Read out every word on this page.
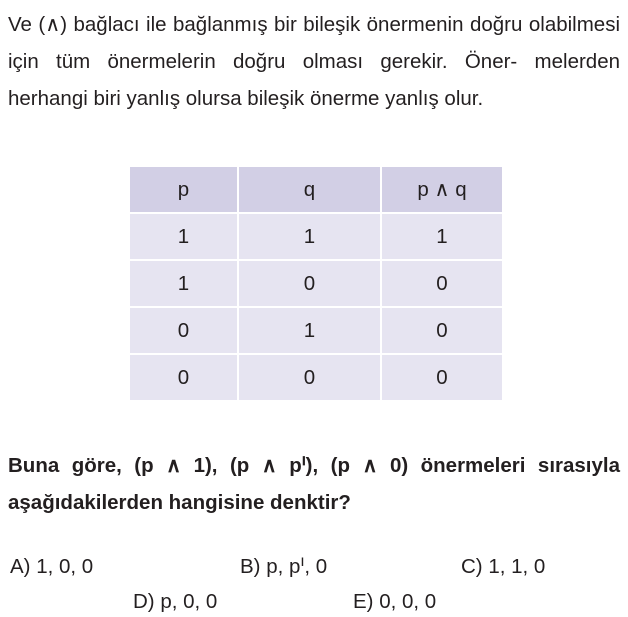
Ve (∧) bağlacı ile bağlanmış bir bileşik önermenin doğru olabilmesi için tüm önermelerin doğru olması gerekir. Öner- melerden herhangi biri yanlış olursa bileşik önerme yanlış olur.

p	q	p ∧ q
1	1	1
1	0	0
0	1	0
0	0	0

Buna göre, (p ∧ 1), (p ∧ pᑊ), (p ∧ 0) önermeleri sırasıyla aşağıdakilerden hangisine denktir?

A) 1, 0, 0	B) p, pᑊ, 0	C) 1, 1, 0
D) p, 0, 0	E) 0, 0, 0
